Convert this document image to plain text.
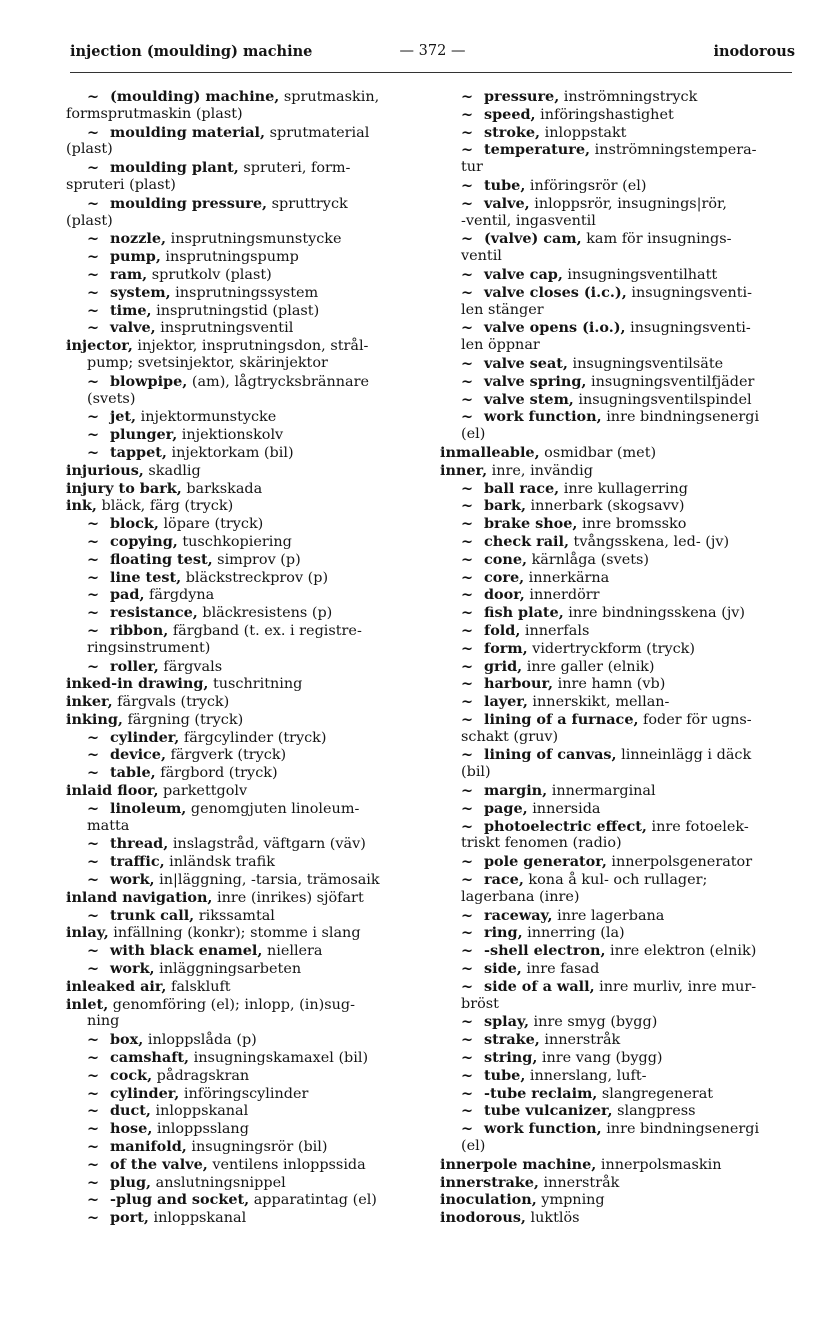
injection (moulding) machine	— 372 —	inodorous
~ (moulding) machine, sprutmaskin,
formsprutmaskin (plast)
~ moulding material, sprutmaterial
(plast)
~ moulding plant, spruteri, form-
spruteri (plast)
~ moulding pressure, spruttryck
(plast)
~ nozzle, insprutningsmunstycke
~ pump, insprutningspump
~ ram, sprutkolv (plast)
~ system, insprutningssystem
~ time, insprutningstid (plast)
~ valve, insprutningsventil
injector, injektor, insprutningsdon, strål-
pump; svetsinjektor, skärinjektor
~ blowpipe, (am), lågtrycksbrännare
(svets)
~ jet, injektormunstycke
~ plunger, injektionskolv
~ tappet, injektorkam (bil)
injurious, skadlig
injury to bark, barkskada
ink, bläck, färg (tryck)
~ block, löpare (tryck)
~ copying, tuschkopiering
~ floating test, simprov (p)
~ line test, bläckstreckprov (p)
~ pad, färgdyna
~ resistance, bläckresistens (p)
~ ribbon, färgband (t. ex. i registre-
ringsinstrument)
~ roller, färgvals
inked-in drawing, tuschritning
inker, färgvals (tryck)
inking, färgning (tryck)
~ cylinder, färgcylinder (tryck)
~ device, färgverk (tryck)
~ table, färgbord (tryck)
inlaid floor, parkettgolv
~ linoleum, genomgjuten linoleum-
matta
~ thread, inslagstråd, väftgarn (väv)
~ traffic, inländsk trafik
~ work, in|läggning, -tarsia, trämosaik
inland navigation, inre (inrikes) sjöfart
~ trunk call, rikssamtal
inlay, infällning (konkr); stomme i slang
~ with black enamel, niellera
~ work, inläggningsarbeten
inleaked air, falskluft
inlet, genomföring (el); inlopp, (in)sug-
ning
~ box, inloppslåda (p)
~ camshaft, insugningskamaxel (bil)
~ cock, pådragskran
~ cylinder, införingscylinder
~ duct, inloppskanal
~ hose, inloppsslang
~ manifold, insugningsrör (bil)
~ of the valve, ventilens inloppssida
~ plug, anslutningsnippel
~ -plug and socket, apparatintag (el)
~ port, inloppskanal
~ pressure, inströmningstryck
~ speed, införingshastighet
~ stroke, inloppstakt
~ temperature, inströmningstempera-
tur
~ tube, införingsrör (el)
~ valve, inloppsrör, insugnings|rör,
-ventil, ingasventil
~ (valve) cam, kam för insugnings-
ventil
~ valve cap, insugningsventilhatt
~ valve closes (i.c.), insugningsventi-
len stänger
~ valve opens (i.o.), insugningsventi-
len öppnar
~ valve seat, insugningsventilsäte
~ valve spring, insugningsventilfjäder
~ valve stem, insugningsventilspindel
~ work function, inre bindningsenergi
(el)
inmalleable, osmidbar (met)
inner, inre, invändig
~ ball race, inre kullagerring
~ bark, innerbark (skogsavv)
~ brake shoe, inre bromssko
~ check rail, tvångsskena, led- (jv)
~ cone, kärnlåga (svets)
~ core, innerkärna
~ door, innerdörr
~ fish plate, inre bindningsskena (jv)
~ fold, innerfals
~ form, vidertryckform (tryck)
~ grid, inre galler (elnik)
~ harbour, inre hamn (vb)
~ layer, innerskikt, mellan-
~ lining of a furnace, foder för ugns-
schakt (gruv)
~ lining of canvas, linneinlägg i däck
(bil)
~ margin, innermarginal
~ page, innersida
~ photoelectric effect, inre fotoelek-
triskt fenomen (radio)
~ pole generator, innerpolsgenerator
~ race, kona å kul- och rullager;
lagerbana (inre)
~ raceway, inre lagerbana
~ ring, innerring (la)
~ -shell electron, inre elektron (elnik)
~ side, inre fasad
~ side of a wall, inre murliv, inre mur-
bröst
~ splay, inre smyg (bygg)
~ strake, innerstråk
~ string, inre vang (bygg)
~ tube, innerslang, luft-
~ -tube reclaim, slangregenerat
~ tube vulcanizer, slangpress
~ work function, inre bindningsenergi
(el)
innerpole machine, innerpolsmaskin
innerstrake, innerstråk
inoculation, ympning
inodorous, luktlös
